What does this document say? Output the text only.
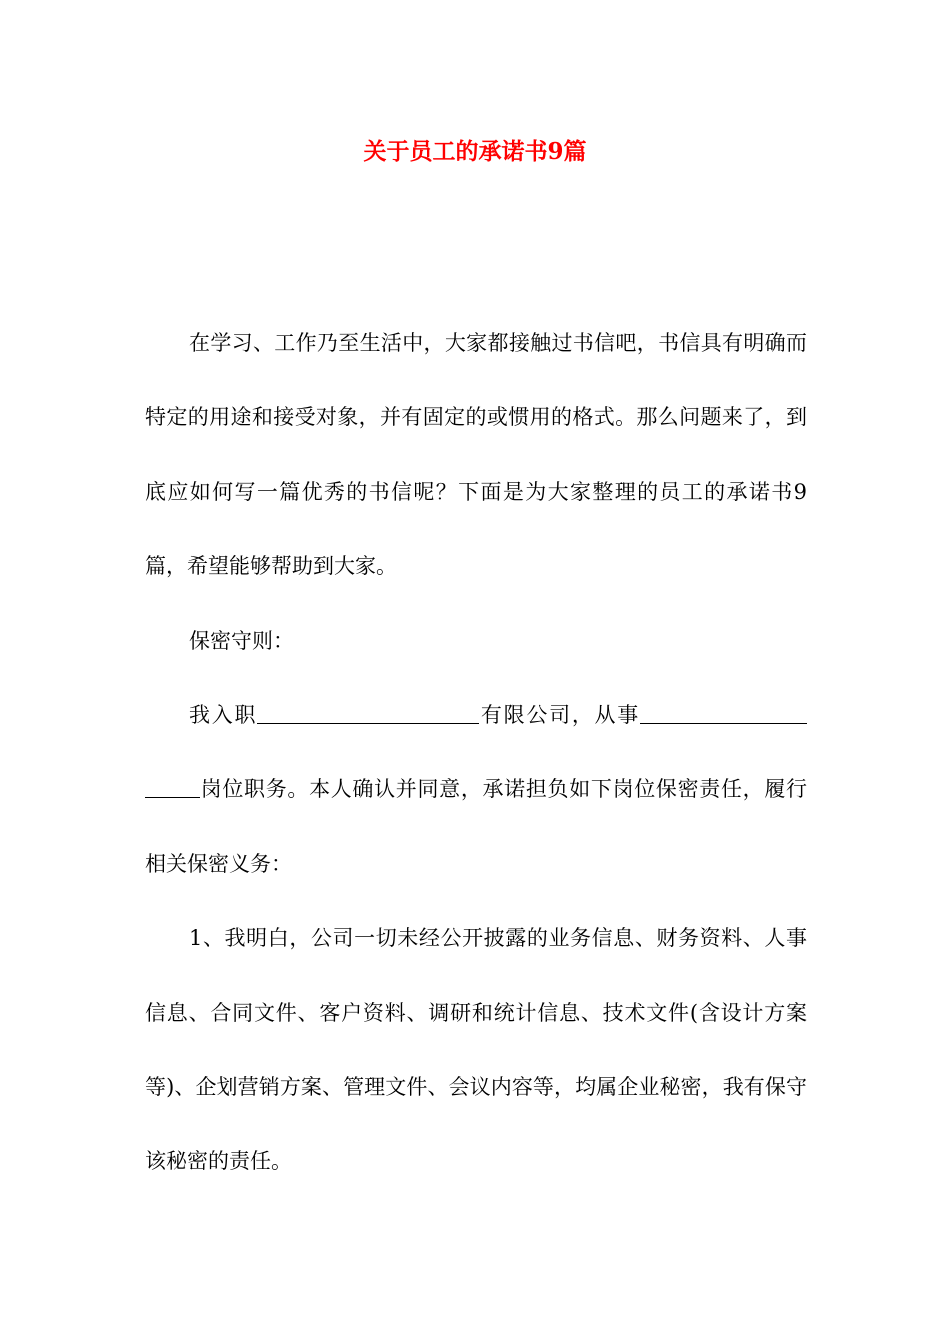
关于员工的承诺书9篇

在学习、工作乃至生活中，大家都接触过书信吧，书信具有明确而特定的用途和接受对象，并有固定的或惯用的格式。那么问题来了，到底应如何写一篇优秀的书信呢？下面是为大家整理的员工的承诺书9篇，希望能够帮助到大家。

保密守则：

我入职	有限公司，从事岗位职务。本人确认并同意，承诺担负如下岗位保密责任，履行相关保密义务：

1、我明白，公司一切未经公开披露的业务信息、财务资料、人事信息、合同文件、客户资料、调研和统计信息、技术文件(含设计方案等)、企划营销方案、管理文件、会议内容等，均属企业秘密，我有保守该秘密的责任。
